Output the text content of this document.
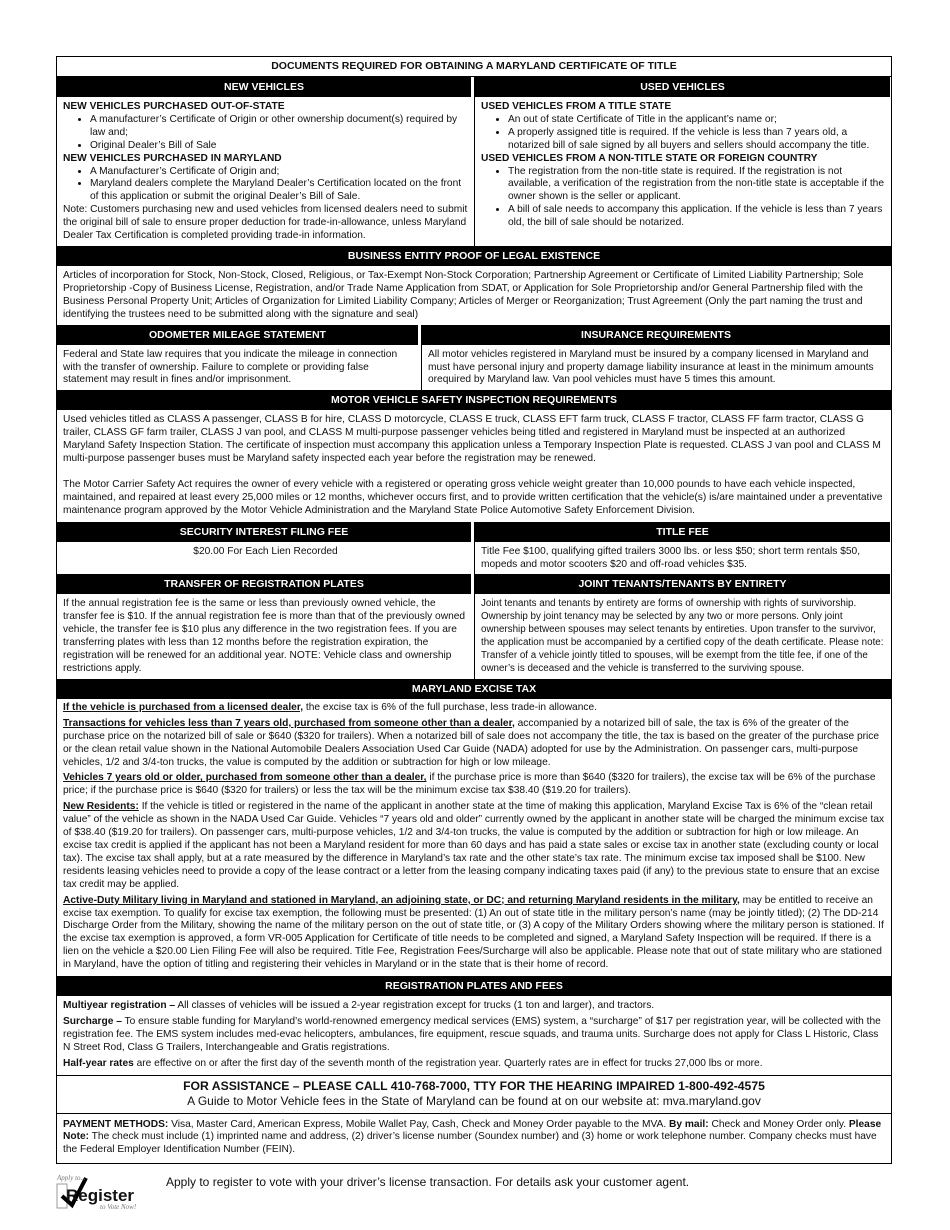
DOCUMENTS REQUIRED FOR OBTAINING A MARYLAND CERTIFICATE OF TITLE
NEW VEHICLES
NEW VEHICLES PURCHASED OUT-OF-STATE
• A manufacturer’s Certificate of Origin or other ownership document(s) required by law and;
• Original Dealer’s Bill of Sale
NEW VEHICLES PURCHASED IN MARYLAND
• A Manufacturer’s Certificate of Origin and;
• Maryland dealers complete the Maryland Dealer’s Certification located on the front of this application or submit the original Dealer’s Bill of Sale.

Note: Customers purchasing new and used vehicles from licensed dealers need to submit the original bill of sale to ensure proper deduction for trade-in-allowance, unless Maryland Dealer Tax Certification is completed providing trade-in information.

USED VEHICLES
USED VEHICLES FROM A TITLE STATE
• An out of state Certificate of Title in the applicant’s name or;
• A properly assigned title is required. If the vehicle is less than 7 years old, a notarized bill of sale signed by all buyers and sellers should accompany the title.
USED VEHICLES FROM A NON-TITLE STATE OR FOREIGN COUNTRY
• The registration from the non-title state is required. If the registration is not available, a verification of the registration from the non-title state is acceptable if the owner shown is the seller or applicant.
• A bill of sale needs to accompany this application. If the vehicle is less than 7 years old, the bill of sale should be notarized.
BUSINESS ENTITY PROOF OF LEGAL EXISTENCE
Articles of incorporation for Stock, Non-Stock, Closed, Religious, or Tax-Exempt Non-Stock Corporation; Partnership Agreement or Certificate of Limited Liability Partnership; Sole Proprietorship -Copy of Business License, Registration, and/or Trade Name Application from SDAT, or Application for Sole Proprietorship and/or General Partnership filed with the Business Personal Property Unit; Articles of Organization for Limited Liability Company; Articles of Merger or Reorganization; Trust Agreement (Only the part naming the trust and identifying the trustees need to be submitted along with the signature and seal)
ODOMETER MILEAGE STATEMENT
Federal and State law requires that you indicate the mileage in connection with the transfer of ownership. Failure to complete or providing false statement may result in fines and/or imprisonment.
INSURANCE REQUIREMENTS
All motor vehicles registered in Maryland must be insured by a company licensed in Maryland and must have personal injury and property damage liability insurance at least in the minimum amounts orequired by Maryland law. Van pool vehicles must have 5 times this amount.
MOTOR VEHICLE SAFETY INSPECTION REQUIREMENTS

Used vehicles titled as CLASS A passenger, CLASS B for hire, CLASS D motorcycle, CLASS E truck, CLASS EFT farm truck, CLASS F tractor, CLASS FF farm tractor, CLASS G trailer, CLASS GF farm trailer, CLASS J van pool, and CLASS M multi-purpose passenger vehicles being titled and registered in Maryland must be inspected at an authorized Maryland Safety Inspection Station. The certificate of inspection must accompany this application unless a Temporary Inspection Plate is requested. CLASS J van pool and CLASS M multi-purpose passenger buses must be Maryland safety inspected each year before the registration may be renewed.

The Motor Carrier Safety Act requires the owner of every vehicle with a registered or operating gross vehicle weight greater than 10,000 pounds to have each vehicle inspected, maintained, and repaired at least every 25,000 miles or 12 months, whichever occurs first, and to provide written certification that the vehicle(s) is/are maintained under a preventative maintenance program approved by the Motor Vehicle Administration and the Maryland State Police Automotive Safety Enforcement Division.

SECURITY INTEREST FILING FEE
$20.00 For Each Lien Recorded
TITLE FEE
Title Fee $100, qualifying gifted trailers 3000 lbs. or less $50; short term rentals $50, mopeds and motor scooters $20 and off-road vehicles $35.
TRANSFER OF REGISTRATION PLATES
If the annual registration fee is the same or less than previously owned vehicle, the transfer fee is $10. If the annual registration fee is more than that of the previously owned vehicle, the transfer fee is $10 plus any difference in the two registration fees. If you are transferring plates with less than 12 months before the registration expiration, the registration will be renewed for an additional year. NOTE: Vehicle class and ownership restrictions apply.
JOINT TENANTS/TENANTS BY ENTIRETY
Joint tenants and tenants by entirety are forms of ownership with rights of survivorship. Ownership by joint tenancy may be selected by any two or more persons. Only joint ownership between spouses may select tenants by entireties. Upon transfer to the survivor, the application must be accompanied by a certified copy of the death certificate. Please note: Transfer of a vehicle jointly titled to spouses, will be exempt from the title fee, if one of the owner’s is deceased and the vehicle is transferred to the surviving spouse.
MARYLAND EXCISE TAX

If the vehicle is purchased from a licensed dealer, the excise tax is 6% of the full purchase, less trade-in allowance.

Transactions for vehicles less than 7 years old, purchased from someone other than a dealer, accompanied by a notarized bill of sale, the tax is 6% of the greater of the purchase price on the notarized bill of sale or $640 ($320 for trailers). When a notarized bill of sale does not accompany the title, the tax is based on the greater of the purchase price or the clean retail value shown in the National Automobile Dealers Association Used Car Guide (NADA) adopted for use by the Administration. On passenger cars, multi-purpose vehicles, 1/2 and 3/4-ton trucks, the value is computed by the addition or subtraction for high or low mileage.

Vehicles 7 years old or older, purchased from someone other than a dealer, if the purchase price is more than $640 ($320 for trailers), the excise tax will be 6% of the purchase price; if the purchase price is $640 ($320 for trailers) or less the tax will be the minimum excise tax $38.40 ($19.20 for trailers).

New Residents: If the vehicle is titled or registered in the name of the applicant in another state at the time of making this application, Maryland Excise Tax is 6% of the “clean retail value” of the vehicle as shown in the NADA Used Car Guide. Vehicles “7 years old and older” currently owned by the applicant in another state will be charged the minimum excise tax of $38.40 ($19.20 for trailers). On passenger cars, multi-purpose vehicles, 1/2 and 3/4-ton trucks, the value is computed by the addition or subtraction for high or low mileage. An excise tax credit is applied if the applicant has not been a Maryland resident for more than 60 days and has paid a state sales or excise tax in another state (excluding county or local tax). The excise tax shall apply, but at a rate measured by the difference in Maryland’s tax rate and the other state’s tax rate. The minimum excise tax imposed shall be $100. New residents leasing vehicles need to provide a copy of the lease contract or a letter from the leasing company indicating taxes paid (if any) to the previous state to ensure that an excise tax credit may be applied.

Active-Duty Military living in Maryland and stationed in Maryland, an adjoining state, or DC; and returning Maryland residents in the military, may be entitled to receive an excise tax exemption. To qualify for excise tax exemption, the following must be presented: (1) An out of state title in the military person’s name (may be jointly titled); (2) The DD-214 Discharge Order from the Military, showing the name of the military person on the out of state title, or (3) A copy of the Military Orders showing where the military person is stationed. If the excise tax exemption is approved, a form VR-005 Application for Certificate of title needs to be completed and signed, a Maryland Safety Inspection will be required. If there is a lien on the vehicle a $20.00 Lien Filing Fee will also be required. Title Fee, Registration Fees/Surcharge will also be applicable. Please note that out of state military who are stationed in Maryland, have the option of titling and registering their vehicles in Maryland or in the state that is their home of record.

REGISTRATION PLATES AND FEES

Multiyear registration – All classes of vehicles will be issued a 2-year registration except for trucks (1 ton and larger), and tractors.

Surcharge – To ensure stable funding for Maryland’s world-renowned emergency medical services (EMS) system, a “surcharge” of $17 per registration year, will be collected with the registration fee. The EMS system includes med-evac helicopters, ambulances, fire equipment, rescue squads, and trauma units. Surcharge does not apply for Class L Historic, Class N Street Rod, Class G Trailers, Interchangeable and Gratis registrations.

Half-year rates are effective on or after the first day of the seventh month of the registration year. Quarterly rates are in effect for trucks 27,000 lbs or more.

FOR ASSISTANCE – PLEASE CALL 410-768-7000, TTY FOR THE HEARING IMPAIRED 1-800-492-4575
A Guide to Motor Vehicle fees in the State of Maryland can be found at on our website at: mva.maryland.gov
PAYMENT METHODS: Visa, Master Card, American Express, Mobile Wallet Pay, Cash, Check and Money Order payable to the MVA. By mail: Check and Money Order only. Please Note: The check must include (1) imprinted name and address, (2) driver’s license number (Soundex number) and (3) home or work telephone number. Company checks must have the Federal Employer Identification Number (FEIN).
Apply to...
Register
to Vote Now!
Apply to register to vote with your driver’s license transaction. For details ask your customer agent.
